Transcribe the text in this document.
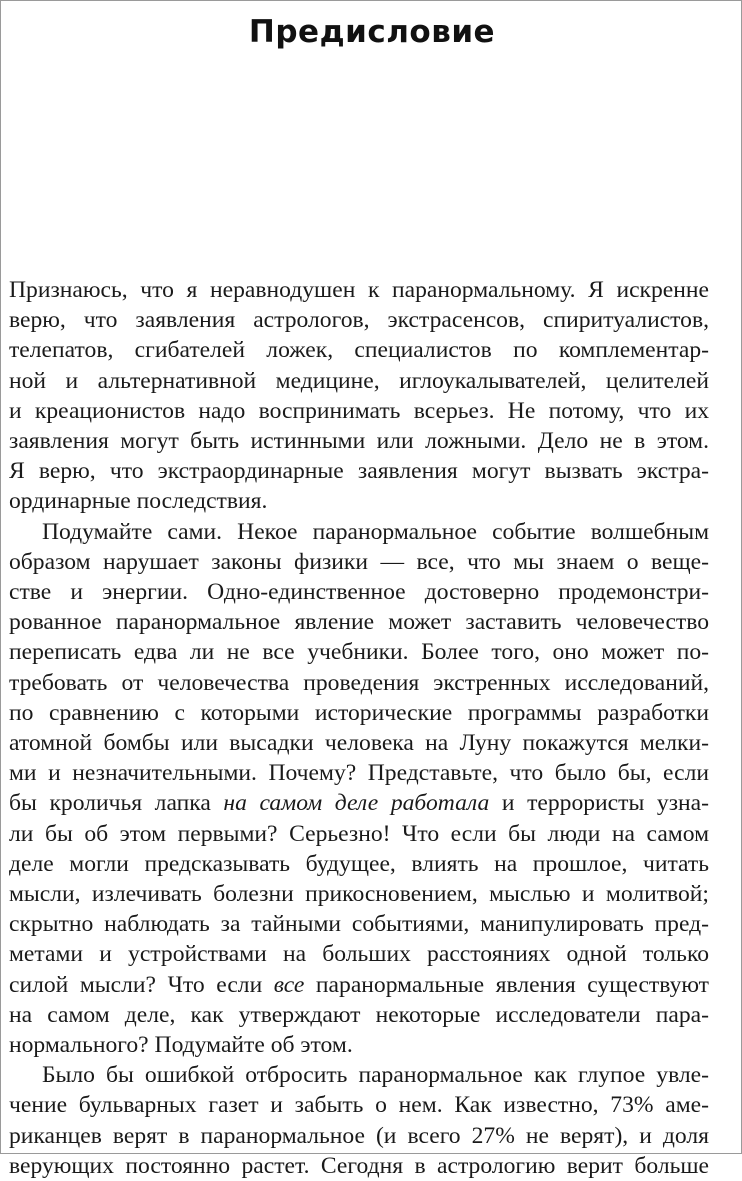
Предисловие

Признаюсь, что я неравнодушен к паранормальному. Я искренне
верю, что заявления астрологов, экстрасенсов, спиритуалистов,
телепатов, сгибателей ложек, специалистов по комплементар-
ной и альтернативной медицине, иглоукалывателей, целителей
и креационистов надо воспринимать всерьез. Не потому, что их
заявления могут быть истинными или ложными. Дело не в этом.
Я верю, что экстраординарные заявления могут вызвать экстра-
ординарные последствия.

Подумайте сами. Некое паранормальное событие волшебным
образом нарушает законы физики — все, что мы знаем о веще-
стве и энергии. Одно-единственное достоверно продемонстри-
рованное паранормальное явление может заставить человечество
переписать едва ли не все учебники. Более того, оно может по-
требовать от человечества проведения экстренных исследований,
по сравнению с которыми исторические программы разработки
атомной бомбы или высадки человека на Луну покажутся мелки-
ми и незначительными. Почему? Представьте, что было бы, если
бы кроличья лапка на самом деле работала и террористы узна-
ли бы об этом первыми? Серьезно! Что если бы люди на самом
деле могли предсказывать будущее, влиять на прошлое, читать
мысли, излечивать болезни прикосновением, мыслью и молитвой;
скрытно наблюдать за тайными событиями, манипулировать пред-
метами и устройствами на больших расстояниях одной только
силой мысли? Что если все паранормальные явления существуют
на самом деле, как утверждают некоторые исследователи пара-
нормального? Подумайте об этом.

Было бы ошибкой отбросить паранормальное как глупое увле-
чение бульварных газет и забыть о нем. Как известно, 73% аме-
риканцев верят в паранормальное (и всего 27% не верят), и доля
верующих постоянно растет. Сегодня в астрологию верит больше
